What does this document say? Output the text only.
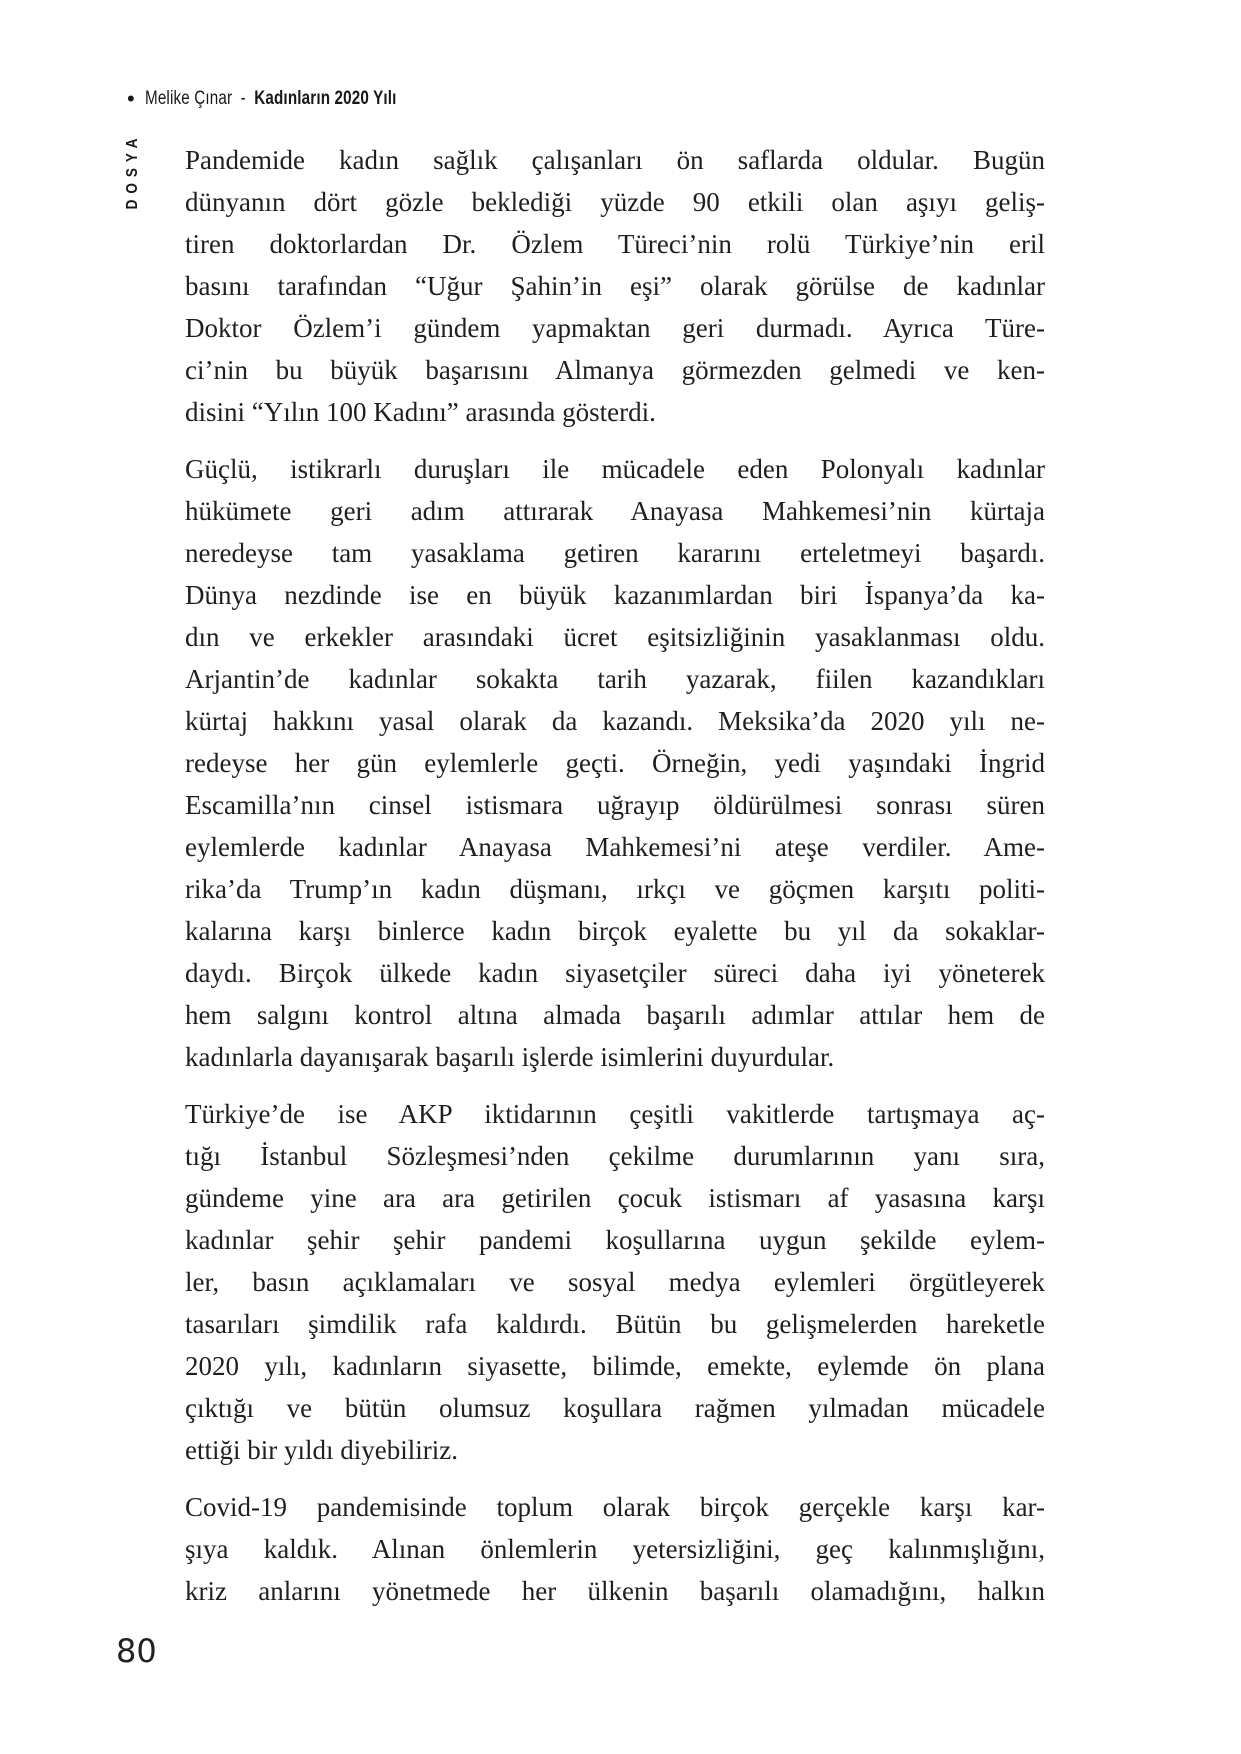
• Melike Çınar - Kadınların 2020 Yılı
DOSYA Pandemide kadın sağlık çalışanları ön saflarda oldular. Bugün
dünyanın dört gözle beklediği yüzde 90 etkili olan aşıyı geliş-
tiren doktorlardan Dr. Özlem Türeci’nin rolü Türkiye’nin eril
basını tarafından “Uğur Şahin’in eşi” olarak görülse de kadınlar
Doktor Özlem’i gündem yapmaktan geri durmadı. Ayrıca Türe-
ci’nin bu büyük başarısını Almanya görmezden gelmedi ve ken-
disini “Yılın 100 Kadını” arasında gösterdi.
Güçlü, istikrarlı duruşları ile mücadele eden Polonyalı kadınlar
hükümete geri adım attırarak Anayasa Mahkemesi’nin kürtaja
neredeyse tam yasaklama getiren kararını erteletmeyi başardı.
Dünya nezdinde ise en büyük kazanımlardan biri İspanya’da ka-
dın ve erkekler arasındaki ücret eşitsizliğinin yasaklanması oldu.
Arjantin’de kadınlar sokakta tarih yazarak, fiilen kazandıkları
kürtaj hakkını yasal olarak da kazandı. Meksika’da 2020 yılı ne-
redeyse her gün eylemlerle geçti. Örneğin, yedi yaşındaki İngrid
Escamilla’nın cinsel istismara uğrayıp öldürülmesi sonrası süren
eylemlerde kadınlar Anayasa Mahkemesi’ni ateşe verdiler. Ame-
rika’da Trump’ın kadın düşmanı, ırkçı ve göçmen karşıtı politi-
kalarına karşı binlerce kadın birçok eyalette bu yıl da sokaklar-
daydı. Birçok ülkede kadın siyasetçiler süreci daha iyi yöneterek
hem salgını kontrol altına almada başarılı adımlar attılar hem de
kadınlarla dayanışarak başarılı işlerde isimlerini duyurdular.
Türkiye’de ise AKP iktidarının çeşitli vakitlerde tartışmaya aç-
tığı İstanbul Sözleşmesi’nden çekilme durumlarının yanı sıra,
gündeme yine ara ara getirilen çocuk istismarı af yasasına karşı
kadınlar şehir şehir pandemi koşullarına uygun şekilde eylem-
ler, basın açıklamaları ve sosyal medya eylemleri örgütleyerek
tasarıları şimdilik rafa kaldırdı. Bütün bu gelişmelerden hareketle
2020 yılı, kadınların siyasette, bilimde, emekte, eylemde ön plana
çıktığı ve bütün olumsuz koşullara rağmen yılmadan mücadele
ettiği bir yıldı diyebiliriz.
Covid-19 pandemisinde toplum olarak birçok gerçekle karşı kar-
şıya kaldık. Alınan önlemlerin yetersizliğini, geç kalınmışlığını,
kriz anlarını yönetmede her ülkenin başarılı olamadığını, halkın
80
